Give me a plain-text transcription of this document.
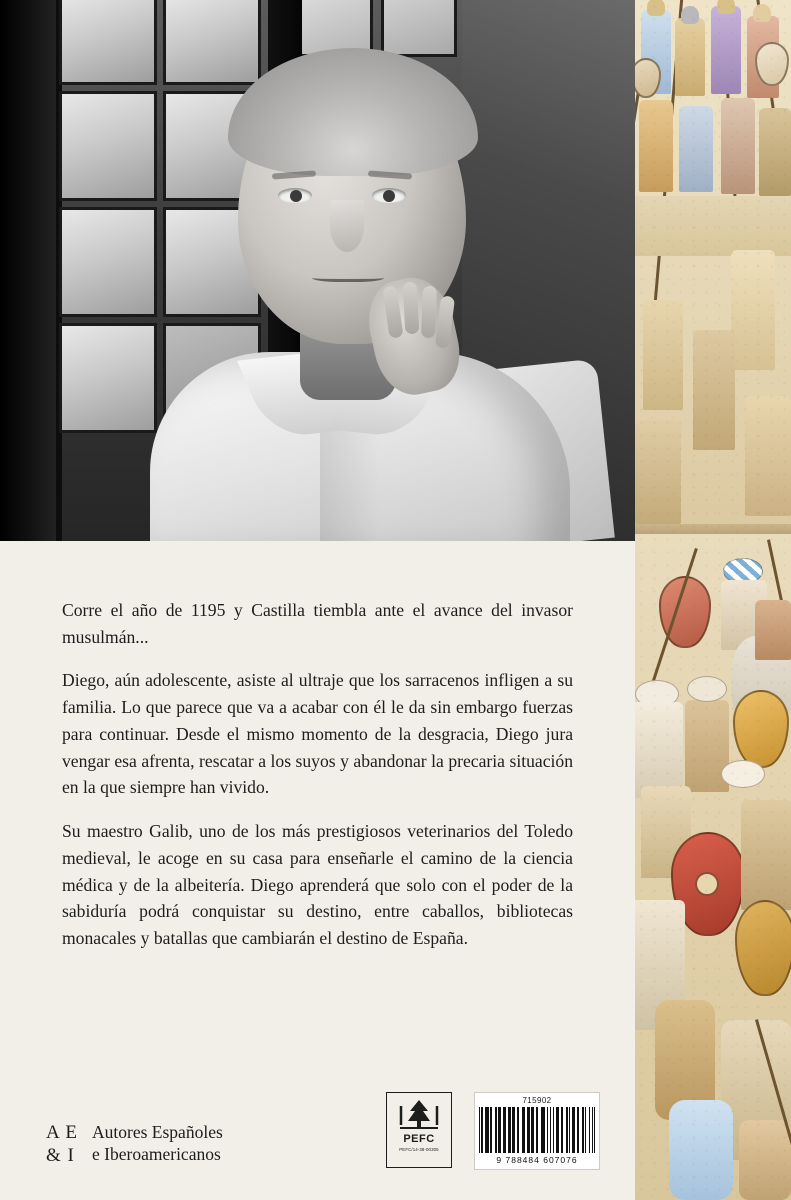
Corre el año de 1195 y Castilla tiembla ante el avance del invasor musulmán...

Diego, aún adolescente, asiste al ultraje que los sarracenos infligen a su familia. Lo que parece que va a acabar con él le da sin embargo fuerzas para continuar. Desde el mismo momento de la desgracia, Diego jura vengar esa afrenta, rescatar a los suyos y abandonar la precaria situación en la que siempre han vivido.

Su maestro Galib, uno de los más prestigiosos veterinarios del Toledo medieval, le acoge en su casa para enseñarle el camino de la ciencia médica y de la albeitería. Diego aprenderá que solo con el poder de la sabiduría podrá conquistar su destino, entre caballos, bibliotecas monacales y batallas que cambiarán el destino de España.

A E
& I
Autores Españoles
e Iberoamericanos
PEFC
PEFC/14-38-00305
715902
9 788484 607076
